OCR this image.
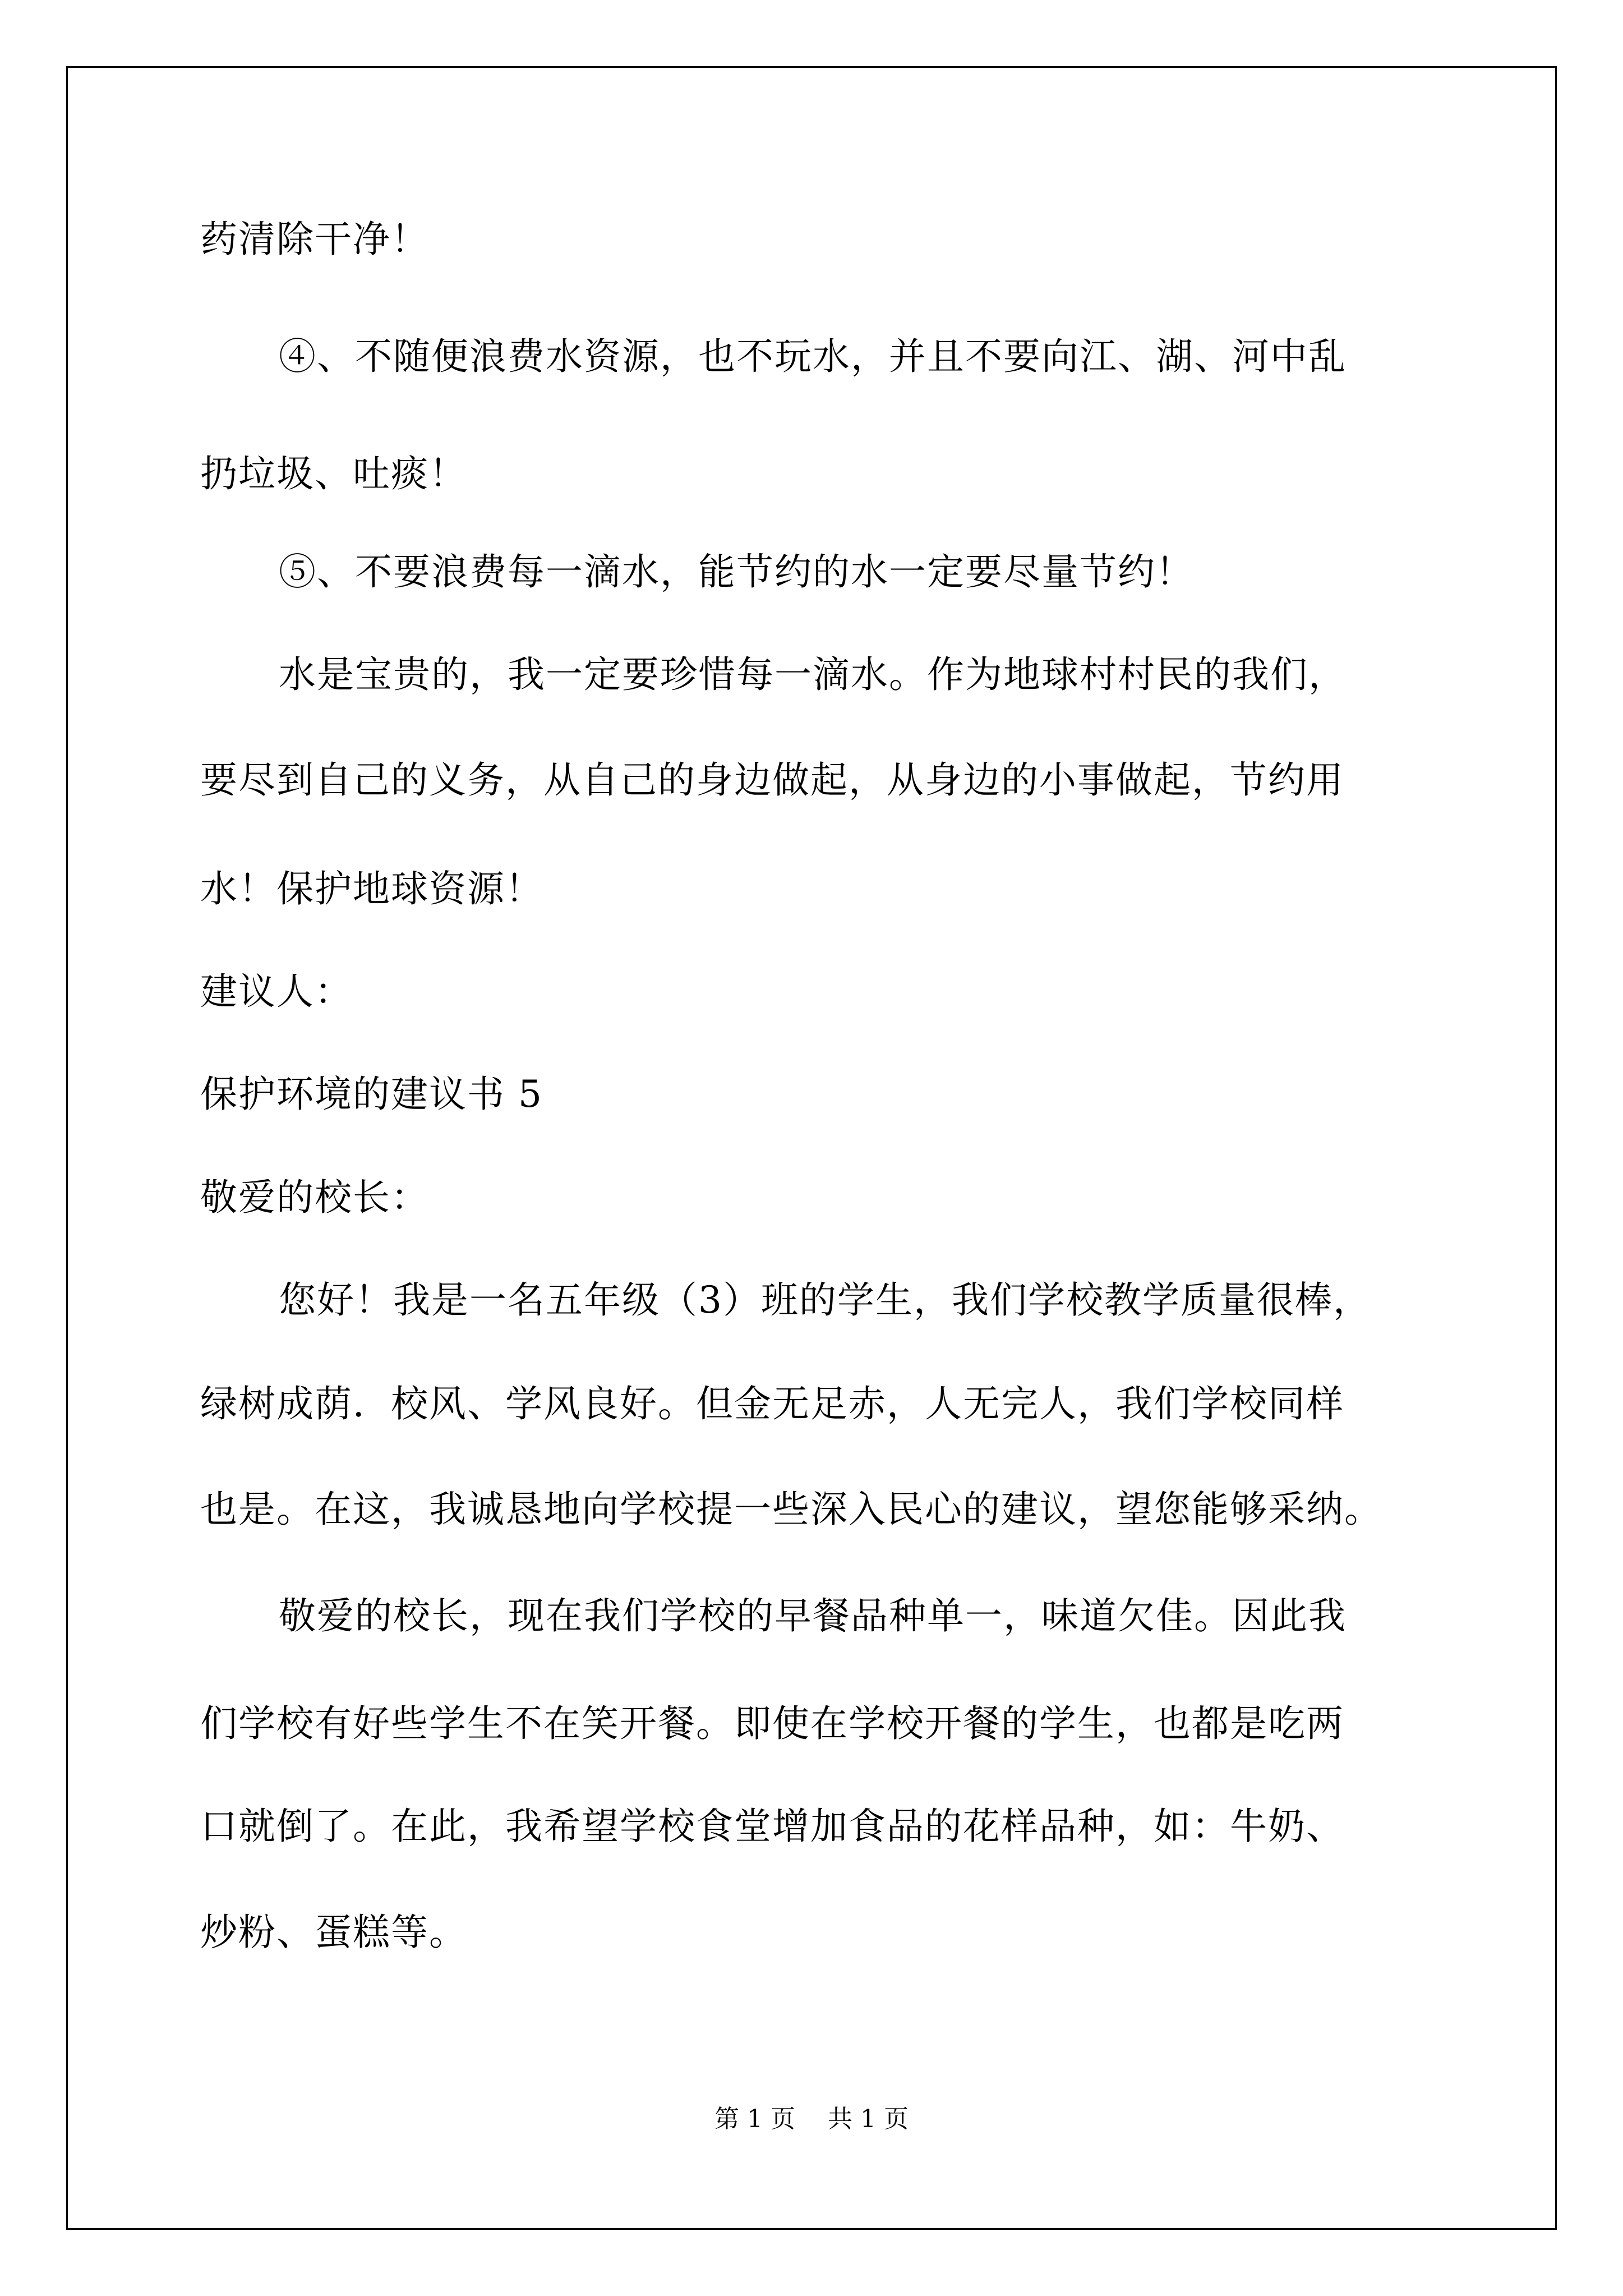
药清除干净！
④、不随便浪费水资源，也不玩水，并且不要向江、湖、河中乱
扔垃圾、吐痰！
⑤、不要浪费每一滴水，能节约的水一定要尽量节约！
水是宝贵的，我一定要珍惜每一滴水。作为地球村村民的我们，
要尽到自己的义务，从自己的身边做起，从身边的小事做起，节约用
水！保护地球资源！
建议人：
保护环境的建议书 5
敬爱的校长：
您好！我是一名五年级（3）班的学生，我们学校教学质量很棒，
绿树成荫．校风、学风良好。但金无足赤，人无完人，我们学校同样
也是。在这，我诚恳地向学校提一些深入民心的建议，望您能够采纳。
敬爱的校长，现在我们学校的早餐品种单一，味道欠佳。因此我
们学校有好些学生不在笑开餐。即使在学校开餐的学生，也都是吃两
口就倒了。在此，我希望学校食堂增加食品的花样品种，如：牛奶、
炒粉、蛋糕等。
第 1 页　 共 1 页
